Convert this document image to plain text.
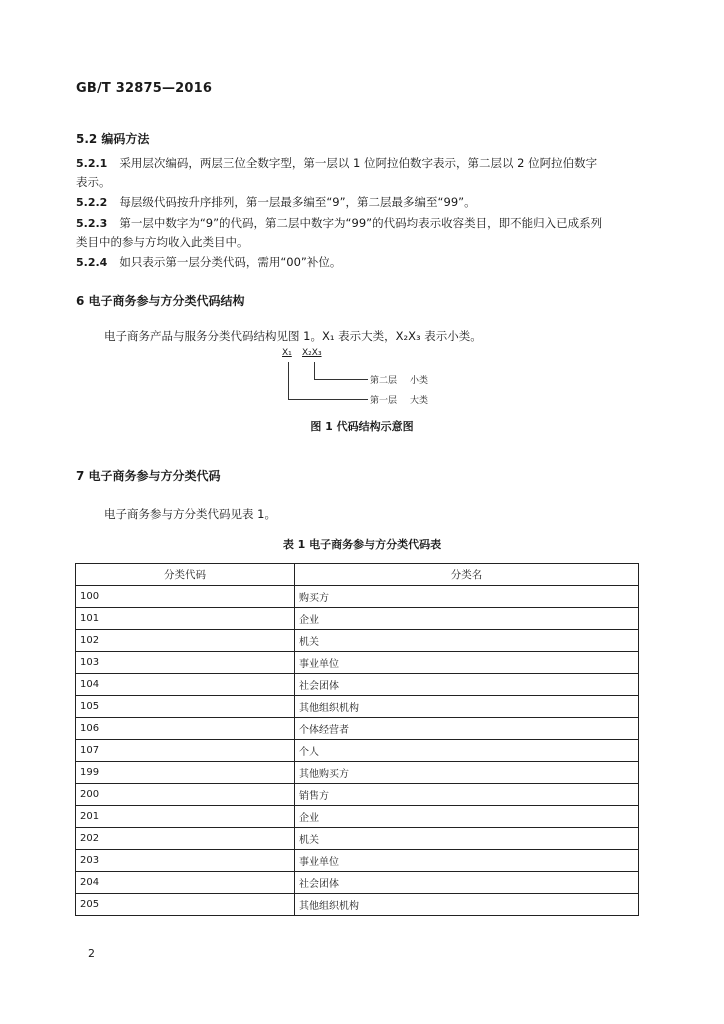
GB/T 32875—2016
5.2 编码方法
5.2.1 采用层次编码，两层三位全数字型，第一层以 1 位阿拉伯数字表示，第二层以 2 位阿拉伯数字
表示。
5.2.2 每层级代码按升序排列，第一层最多编至“9”，第二层最多编至“99”。
5.2.3 第一层中数字为“9”的代码，第二层中数字为“99”的代码均表示收容类目，即不能归入已成系列
类目中的参与方均收入此类目中。
5.2.4 如只表示第一层分类代码，需用“00”补位。
6 电子商务参与方分类代码结构
电子商务产品与服务分类代码结构见图 1。X₁ 表示大类，X₂X₃ 表示小类。
X₁ X₂X₃
第二层 小类
第一层 大类
图 1 代码结构示意图
7 电子商务参与方分类代码
电子商务参与方分类代码见表 1。
表 1 电子商务参与方分类代码表
分类代码	分类名
100	购买方
101	企业
102	机关
103	事业单位
104	社会团体
105	其他组织机构
106	个体经营者
107	个人
199	其他购买方
200	销售方
201	企业
202	机关
203	事业单位
204	社会团体
205	其他组织机构
2
